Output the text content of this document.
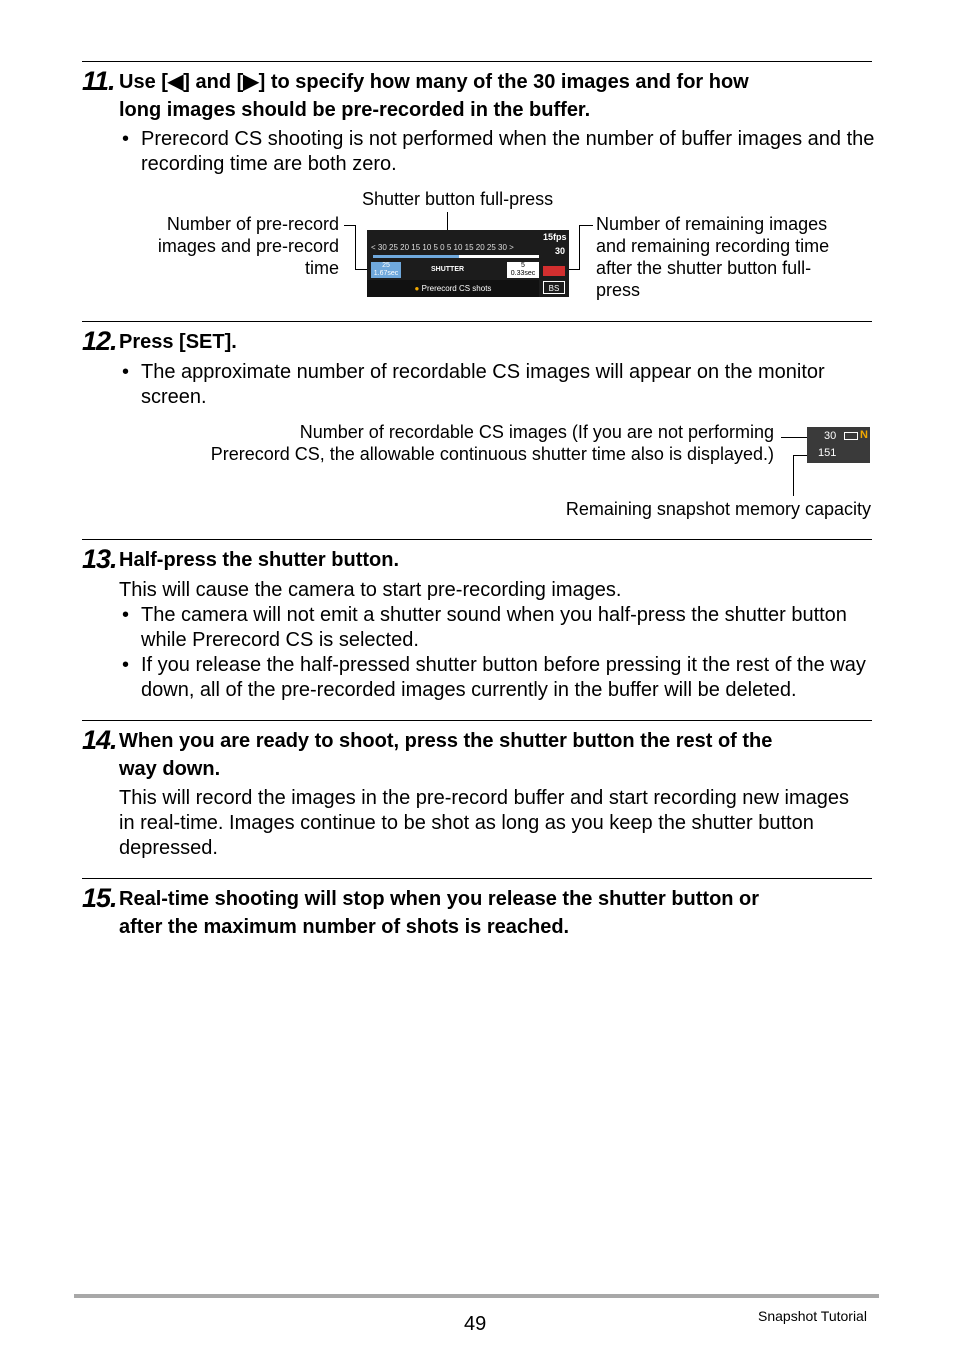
11. Use [◀] and [▶] to specify how many of the 30 images and for how
long images should be pre-recorded in the buffer.
• Prerecord CS shooting is not performed when the number of buffer images and the recording time are both zero.
Shutter button full-press
Number of pre-record
images and pre-record
time
Number of remaining images
and remaining recording time
after the shutter button full-
press
< 30 25 20 15 10 5 0 5 10 15 20 25 30 >
15fps
30
25
1.67sec
SHUTTER
5
0.33sec
● Prerecord CS shots	BS
12. Press [SET].
• The approximate number of recordable CS images will appear on the monitor screen.
Number of recordable CS images (If you are not performing
Prerecord CS, the allowable continuous shutter time also is displayed.)
30 N
151
Remaining snapshot memory capacity
13. Half-press the shutter button.
This will cause the camera to start pre-recording images.
• The camera will not emit a shutter sound when you half-press the shutter button while Prerecord CS is selected.
• If you release the half-pressed shutter button before pressing it the rest of the way down, all of the pre-recorded images currently in the buffer will be deleted.
14. When you are ready to shoot, press the shutter button the rest of the
way down.
This will record the images in the pre-record buffer and start recording new images in real-time. Images continue to be shot as long as you keep the shutter button depressed.
15. Real-time shooting will stop when you release the shutter button or
after the maximum number of shots is reached.
49	Snapshot Tutorial
